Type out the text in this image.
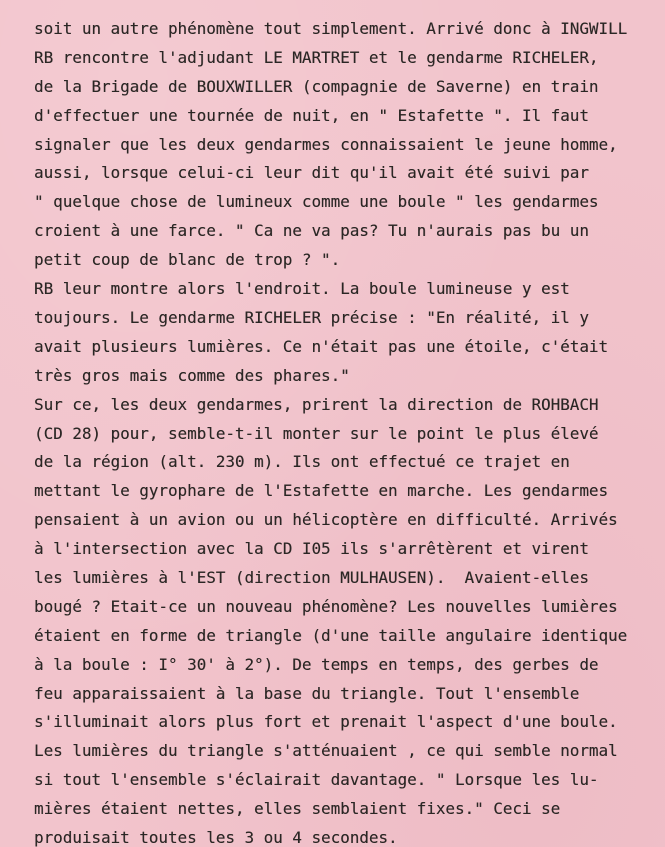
soit un autre phénomène tout simplement. Arrivé donc à INGWILL
RB rencontre l'adjudant LE MARTRET et le gendarme RICHELER,
de la Brigade de BOUXWILLER (compagnie de Saverne) en train
d'effectuer une tournée de nuit, en " Estafette ". Il faut
signaler que les deux gendarmes connaissaient le jeune homme,
aussi, lorsque celui-ci leur dit qu'il avait été suivi par
" quelque chose de lumineux comme une boule " les gendarmes
croient à une farce. " Ca ne va pas? Tu n'aurais pas bu un
petit coup de blanc de trop ? ".
RB leur montre alors l'endroit. La boule lumineuse y est
toujours. Le gendarme RICHELER précise : "En réalité, il y
avait plusieurs lumières. Ce n'était pas une étoile, c'était
très gros mais comme des phares."
Sur ce, les deux gendarmes, prirent la direction de ROHBACH
(CD 28) pour, semble-t-il monter sur le point le plus élevé
de la région (alt. 230 m). Ils ont effectué ce trajet en
mettant le gyrophare de l'Estafette en marche. Les gendarmes
pensaient à un avion ou un hélicoptère en difficulté. Arrivés
à l'intersection avec la CD I05 ils s'arrêtèrent et virent
les lumières à l'EST (direction MULHAUSEN).  Avaient-elles
bougé ? Etait-ce un nouveau phénomène? Les nouvelles lumières
étaient en forme de triangle (d'une taille angulaire identique
à la boule : I° 30' à 2°). De temps en temps, des gerbes de
feu apparaissaient à la base du triangle. Tout l'ensemble
s'illuminait alors plus fort et prenait l'aspect d'une boule.
Les lumières du triangle s'atténuaient , ce qui semble normal
si tout l'ensemble s'éclairait davantage. " Lorsque les lu-
mières étaient nettes, elles semblaient fixes." Ceci se
produisait toutes les 3 ou 4 secondes.
